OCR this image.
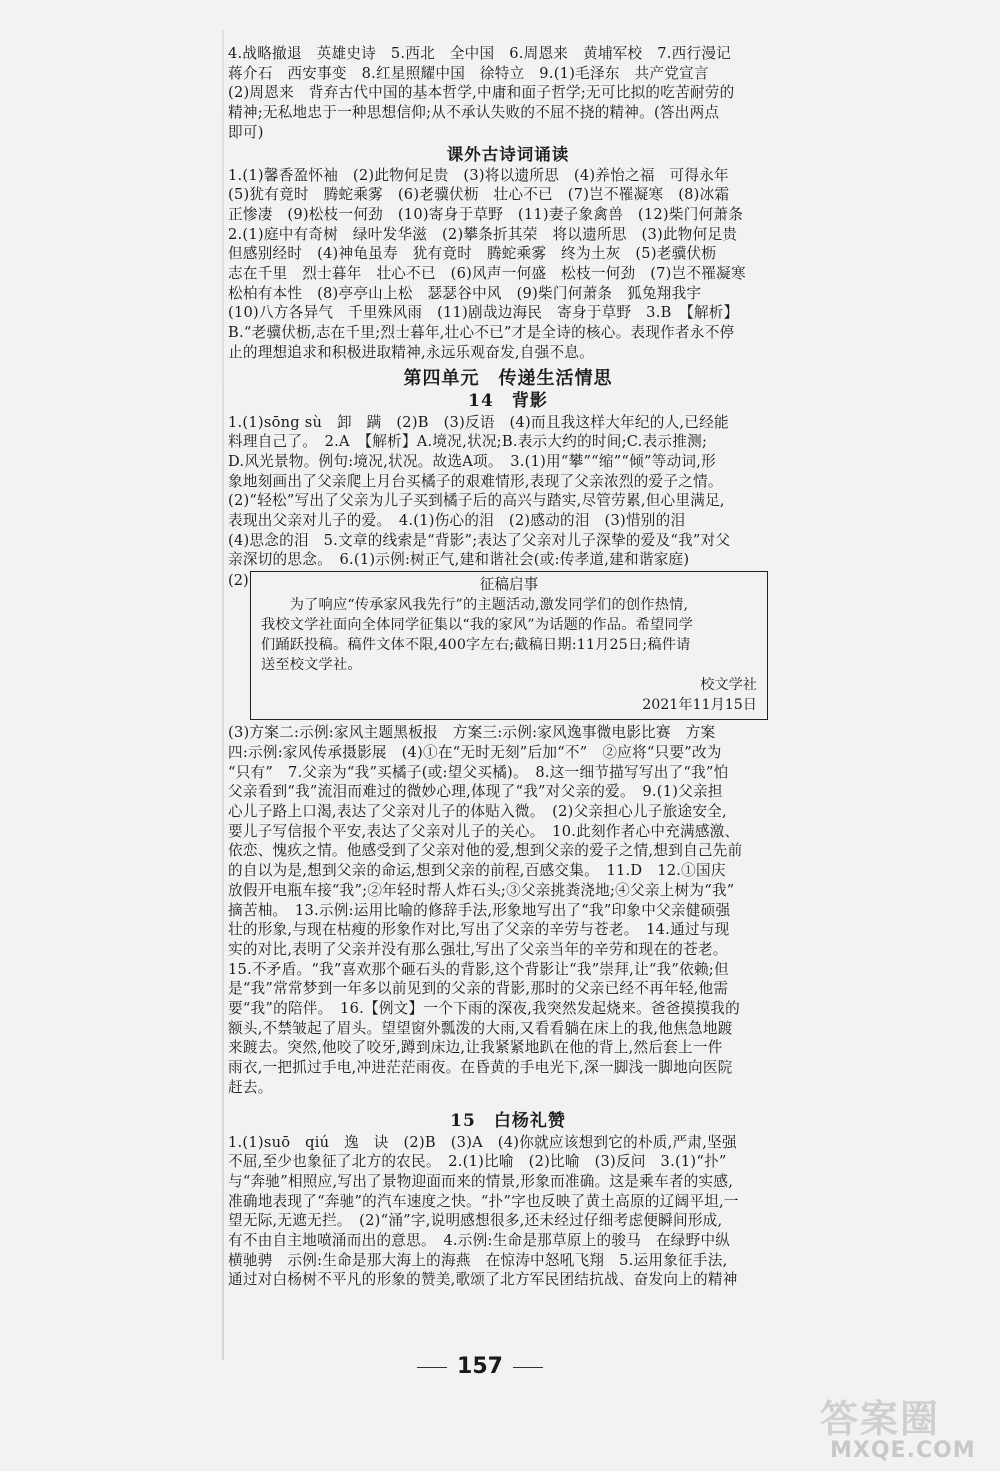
4.战略撤退　英雄史诗　5.西北　全中国　6.周恩来　黄埔军校　7.西行漫记
蒋介石　西安事变　8.红星照耀中国　徐特立　9.(1)毛泽东　共产党宣言
(2)周恩来　背弃古代中国的基本哲学,中庸和面子哲学;无可比拟的吃苦耐劳的
精神;无私地忠于一种思想信仰;从不承认失败的不屈不挠的精神。(答出两点
即可)
课外古诗词诵读
1.(1)馨香盈怀袖　(2)此物何足贵　(3)将以遗所思　(4)养怡之福　可得永年
(5)犹有竟时　腾蛇乘雾　(6)老骥伏枥　壮心不已　(7)岂不罹凝寒　(8)冰霜
正惨凄　(9)松枝一何劲　(10)寄身于草野　(11)妻子象禽兽　(12)柴门何萧条
2.(1)庭中有奇树　绿叶发华滋　(2)攀条折其荣　将以遗所思　(3)此物何足贵
但感别经时　(4)神龟虽寿　犹有竟时　腾蛇乘雾　终为土灰　(5)老骥伏枥
志在千里　烈士暮年　壮心不已　(6)风声一何盛　松枝一何劲　(7)岂不罹凝寒
松柏有本性　(8)亭亭山上松　瑟瑟谷中风　(9)柴门何萧条　狐兔翔我宇
(10)八方各异气　千里殊风雨　(11)剧哉边海民　寄身于草野　3.B　【解析】
B.“老骥伏枥,志在千里;烈士暮年,壮心不已”才是全诗的核心。表现作者永不停
止的理想追求和积极进取精神,永远乐观奋发,自强不息。
第四单元　传递生活情思
14　背影
1.(1)sōng sù　卸　蹒　(2)B　(3)反语　(4)而且我这样大年纪的人,已经能
料理自己了。　2.A　【解析】A.境况,状况;B.表示大约的时间;C.表示推测;
D.风光景物。例句:境况,状况。故选A项。　3.(1)用“攀”“缩”“倾”等动词,形
象地刻画出了父亲爬上月台买橘子的艰难情形,表现了父亲浓烈的爱子之情。
(2)“轻松”写出了父亲为儿子买到橘子后的高兴与踏实,尽管劳累,但心里满足,
表现出父亲对儿子的爱。　4.(1)伤心的泪　(2)感动的泪　(3)惜别的泪
(4)思念的泪　5.文章的线索是“背影”;表达了父亲对儿子深挚的爱及“我”对父
亲深切的思念。　6.(1)示例:树正气,建和谐社会(或:传孝道,建和谐家庭)
(2)	征稿启事
　　为了响应“传承家风我先行”的主题活动,激发同学们的创作热情,
我校文学社面向全体同学征集以“我的家风”为话题的作品。希望同学
们踊跃投稿。稿件文体不限,400字左右;截稿日期:11月25日;稿件请
送至校文学社。
校文学社
2021年11月15日
(3)方案二:示例:家风主题黑板报　方案三:示例:家风逸事微电影比赛　方案
四:示例:家风传承摄影展　(4)①在“无时无刻”后加“不”　②应将“只要”改为
“只有”　7.父亲为“我”买橘子(或:望父买橘)。　8.这一细节描写写出了“我”怕
父亲看到“我”流泪而难过的微妙心理,体现了“我”对父亲的爱。　9.(1)父亲担
心儿子路上口渴,表达了父亲对儿子的体贴入微。　(2)父亲担心儿子旅途安全,
要儿子写信报个平安,表达了父亲对儿子的关心。　10.此刻作者心中充满感激、
依恋、愧疚之情。他感受到了父亲对他的爱,想到父亲的爱子之情,想到自己先前
的自以为是,想到父亲的命运,想到父亲的前程,百感交集。　11.D　12.①国庆
放假开电瓶车接“我”;②年轻时帮人炸石头;③父亲挑粪浇地;④父亲上树为“我”
摘苦柚。　13.示例:运用比喻的修辞手法,形象地写出了“我”印象中父亲健硕强
壮的形象,与现在枯瘦的形象作对比,写出了父亲的辛劳与苍老。　14.通过与现
实的对比,表明了父亲并没有那么强壮,写出了父亲当年的辛劳和现在的苍老。
15.不矛盾。“我”喜欢那个砸石头的背影,这个背影让“我”崇拜,让“我”依赖;但
是“我”常常梦到一年多以前见到的父亲的背影,那时的父亲已经不再年轻,他需
要“我”的陪伴。　16.【例文】一个下雨的深夜,我突然发起烧来。爸爸摸摸我的
额头,不禁皱起了眉头。望望窗外瓢泼的大雨,又看看躺在床上的我,他焦急地踱
来踱去。突然,他咬了咬牙,蹲到床边,让我紧紧地趴在他的背上,然后套上一件
雨衣,一把抓过手电,冲进茫茫雨夜。在昏黄的手电光下,深一脚浅一脚地向医院
赶去。
15　白杨礼赞
1.(1)suō　qiú　逸　诀　(2)B　(3)A　(4)你就应该想到它的朴质,严肃,坚强
不屈,至少也象征了北方的农民。　2.(1)比喻　(2)比喻　(3)反问　3.(1)“扑”
与“奔驰”相照应,写出了景物迎面而来的情景,形象而准确。这是乘车者的实感,
准确地表现了“奔驰”的汽车速度之快。“扑”字也反映了黄土高原的辽阔平坦,一
望无际,无遮无拦。　(2)“涌”字,说明感想很多,还未经过仔细考虑便瞬间形成,
有不由自主地喷涌而出的意思。　4.示例:生命是那草原上的骏马　在绿野中纵
横驰骋　示例:生命是那大海上的海燕　在惊涛中怒吼飞翔　5.运用象征手法,
通过对白杨树不平凡的形象的赞美,歌颂了北方军民团结抗战、奋发向上的精神
157
答案圈
MXQE.COM
